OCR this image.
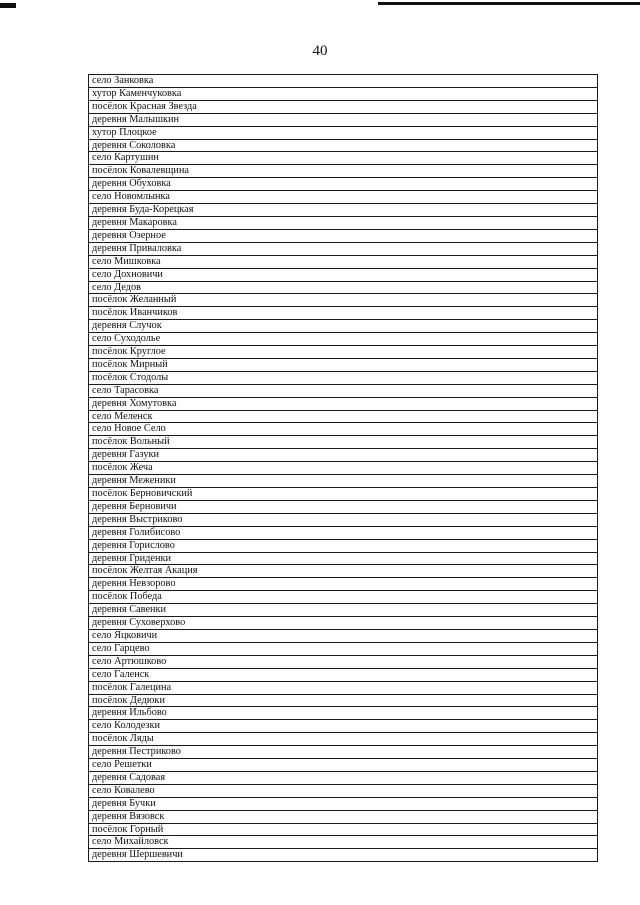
40
село Занковка
хутор Каменчуковка
посёлок Красная Звезда
деревня Малышкин
хутор Плоцкое
деревня Соколовка
село Картушин
посёлок Ковалевщина
деревня Обуховка
село Новомлынка
деревня Буда-Корецкая
деревня Макаровка
деревня Озерное
деревня Приваловка
село Мишковка
село Дохновичи
село Дедов
посёлок Желанный
посёлок Иванчиков
деревня Случок
село Суходолье
посёлок Круглое
посёлок Мирный
посёлок Стодолы
село Тарасовка
деревня Хомутовка
село Меленск
село Новое Село
посёлок Вольный
деревня Газуки
посёлок Жеча
деревня Меженики
посёлок Берновичский
деревня Берновичи
деревня Выстриково
деревня Голибисово
деревня Горислово
деревня Гриденки
посёлок Желтая Акация
деревня Невзорово
посёлок Победа
деревня Савенки
деревня Суховерхово
село Яцковичи
село Гарцево
село Артюшково
село Галенск
посёлок Галецина
посёлок Дедюки
деревня Ильбово
село Колодезки
посёлок Ляды
деревня Пестриково
село Решетки
деревня Садовая
село Ковалево
деревня Бучки
деревня Вязовск
посёлок Горный
село Михайловск
деревня Шершевичи
